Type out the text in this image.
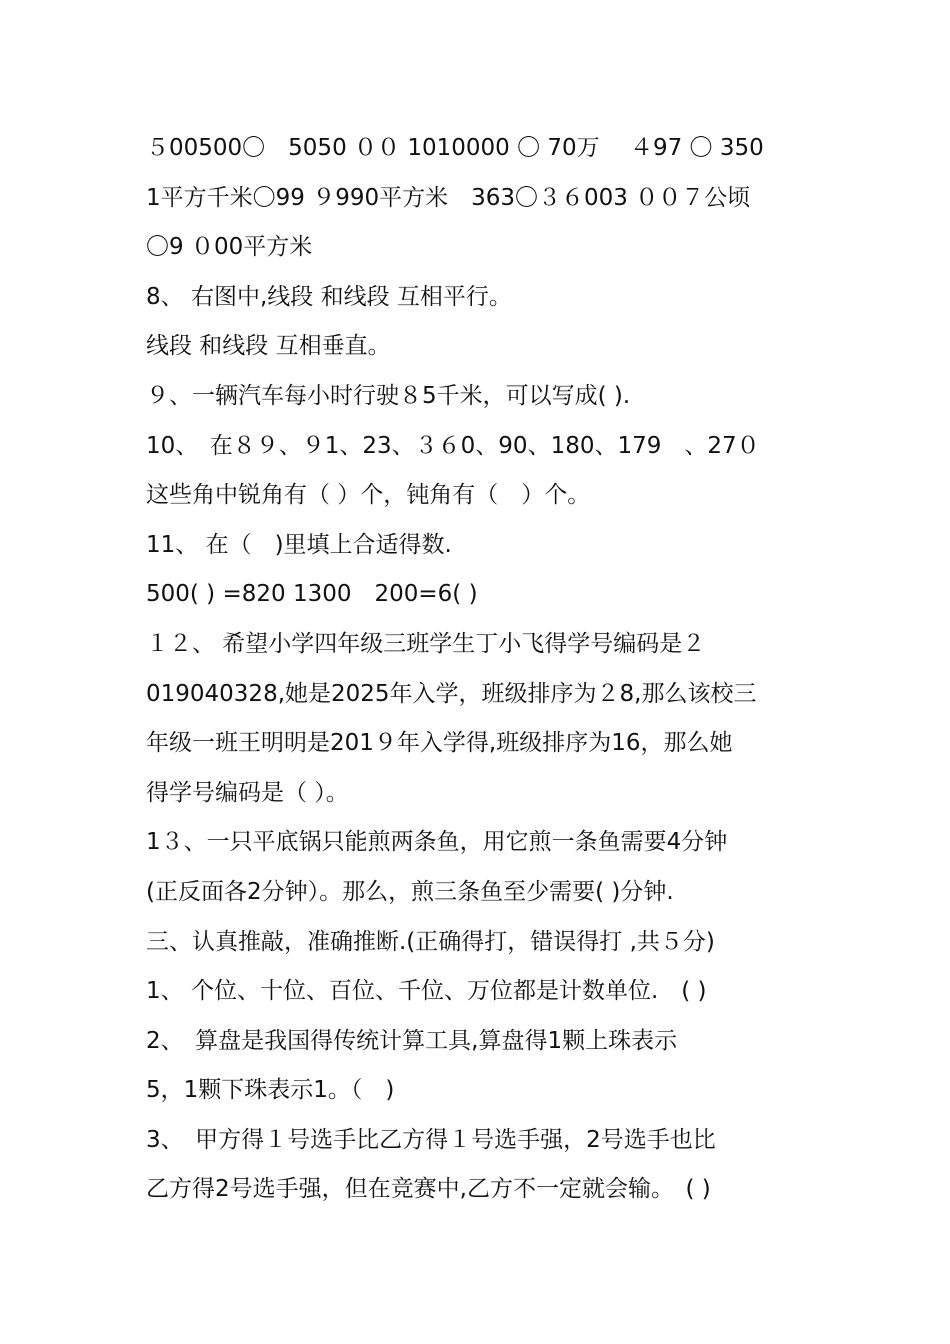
５00500〇　5050 ００ 1010000 〇 70万　 ４97 〇 350
1平方千米〇99 ９990平方米　363〇３６003 ００７公顷
〇9 ０00平方米
8、 右图中,线段 和线段 互相平行。
线段 和线段 互相垂直。
９、一辆汽车每小时行驶８5千米，可以写成( ).
10、　在８９、９1、23、３６0、90、180、179　、27０
这些角中锐角有（ ）个，钝角有（　）个。
11、 在（　)里填上合适得数.
500( ) =820 1300　200=6( )
１２、 希望小学四年级三班学生丁小飞得学号编码是２
019040328,她是2025年入学，班级排序为２8,那么该校三
年级一班王明明是201９年入学得,班级排序为16，那么她
得学号编码是（ ）。
1３、一只平底锅只能煎两条鱼，用它煎一条鱼需要4分钟
(正反面各2分钟）。那么，煎三条鱼至少需要( )分钟.
三、认真推敲，准确推断.(正确得打，错误得打 ,共５分)
1、 个位、十位、百位、千位、万位都是计数单位.　( )
2、　算盘是我国得传统计算工具,算盘得1颗上珠表示
5，1颗下珠表示1。（　)
3、　甲方得１号选手比乙方得１号选手强，2号选手也比
乙方得2号选手强，但在竞赛中,乙方不一定就会输。　( )
